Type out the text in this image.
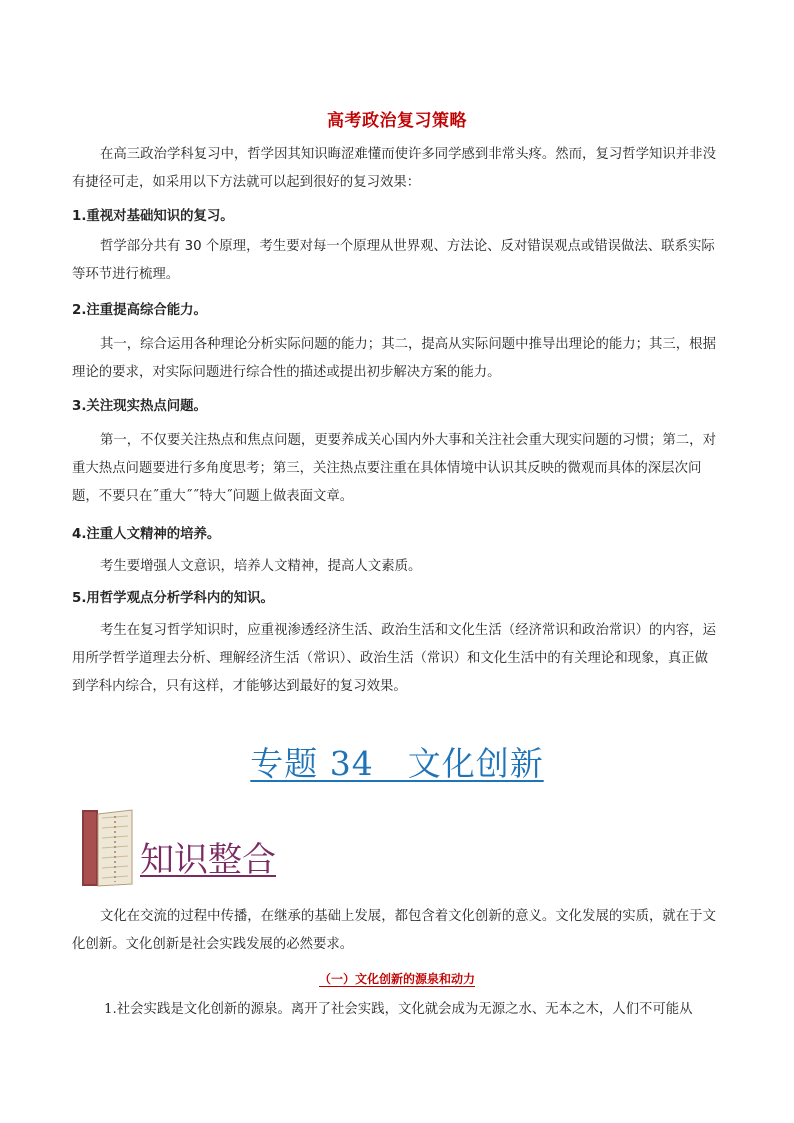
高考政治复习策略
在高三政治学科复习中，哲学因其知识晦涩难懂而使许多同学感到非常头疼。然而，复习哲学知识并非没有捷径可走，如采用以下方法就可以起到很好的复习效果：
1.重视对基础知识的复习。
哲学部分共有 30 个原理，考生要对每一个原理从世界观、方法论、反对错误观点或错误做法、联系实际等环节进行梳理。
2.注重提高综合能力。
其一，综合运用各种理论分析实际问题的能力；其二，提高从实际问题中推导出理论的能力；其三，根据理论的要求，对实际问题进行综合性的描述或提出初步解决方案的能力。
3.关注现实热点问题。
第一，不仅要关注热点和焦点问题，更要养成关心国内外大事和关注社会重大现实问题的习惯；第二，对重大热点问题要进行多角度思考；第三，关注热点要注重在具体情境中认识其反映的微观而具体的深层次问题，不要只在˝重大˝˝特大˝问题上做表面文章。
4.注重人文精神的培养。
考生要增强人文意识，培养人文精神，提高人文素质。
5.用哲学观点分析学科内的知识。
考生在复习哲学知识时，应重视渗透经济生活、政治生活和文化生活（经济常识和政治常识）的内容，运用所学哲学道理去分析、理解经济生活（常识）、政治生活（常识）和文化生活中的有关理论和现象，真正做到学科内综合，只有这样，才能够达到最好的复习效果。
专题 34　文化创新
知识整合
文化在交流的过程中传播，在继承的基础上发展，都包含着文化创新的意义。文化发展的实质，就在于文化创新。文化创新是社会实践发展的必然要求。
（一）文化创新的源泉和动力
1.社会实践是文化创新的源泉。离开了社会实践，文化就会成为无源之水、无本之木，人们不可能从
